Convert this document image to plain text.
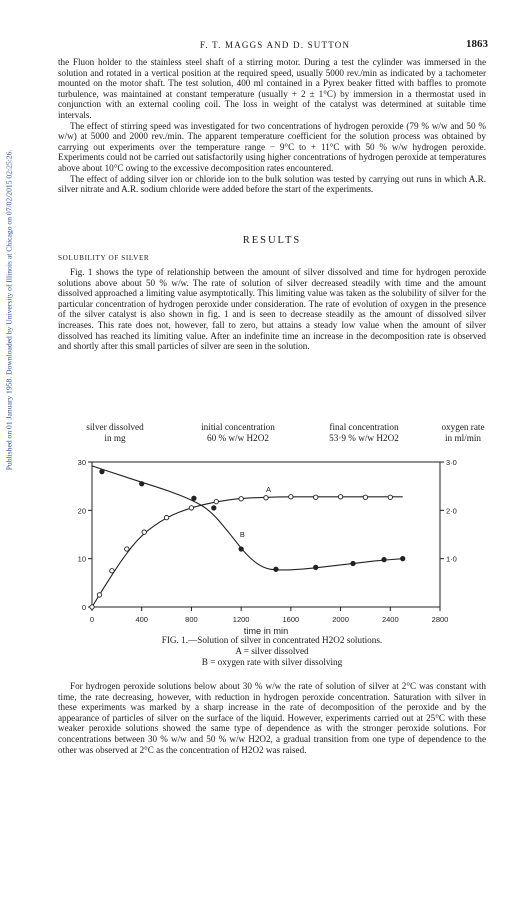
Published on 01 January 1958. Downloaded by University of Illinois at Chicago on 07/02/2015 02:25:26.
F. T. MAGGS AND D. SUTTON	1863

the Fluon holder to the stainless steel shaft of a stirring motor. During a test the cylinder was immersed in the solution and rotated in a vertical position at the required speed, usually 5000 rev./min as indicated by a tachometer mounted on the motor shaft. The test solution, 400 ml contained in a Pyrex beaker fitted with baffles to promote turbulence, was maintained at constant temperature (usually + 2 ± 1°C) by immersion in a thermostat used in conjunction with an external cooling coil. The loss in weight of the catalyst was determined at suitable time intervals.

The effect of stirring speed was investigated for two concentrations of hydrogen peroxide (79 % w/w and 50 % w/w) at 5000 and 2000 rev./min. The apparent temperature coefficient for the solution process was obtained by carrying out experiments over the temperature range − 9°C to + 11°C with 50 % w/w hydrogen peroxide. Experiments could not be carried out satisfactorily using higher concentrations of hydrogen peroxide at temperatures above about 10°C owing to the excessive decomposition rates encountered.

The effect of adding silver ion or chloride ion to the bulk solution was tested by carrying out runs in which A.R. silver nitrate and A.R. sodium chloride were added before the start of the experiments.

RESULTS
SOLUBILITY OF SILVER

Fig. 1 shows the type of relationship between the amount of silver dissolved and time for hydrogen peroxide solutions above about 50 % w/w. The rate of solution of silver decreased steadily with time and the amount dissolved approached a limiting value asymptotically. This limiting value was taken as the solubility of silver for the particular concentration of hydrogen peroxide under consideration. The rate of evolution of oxygen in the presence of the silver catalyst is also shown in fig. 1 and is seen to decrease steadily as the amount of dissolved silver increases. This rate does not, however, fall to zero, but attains a steady low value when the amount of silver dissolved has reached its limiting value. After an indefinite time an increase in the decomposition rate is observed and shortly after this small particles of silver are seen in the solution.

silver dissolved
in mg
initial concentration
60 % w/w H2O2
final concentration
53·9 % w/w H2O2
oxygen rate
in ml/min
0	400	800	1200	1600	2000	2400	2800
0
10
20
30
1·0
2·0
3·0
time in min
A
B
FIG. 1.—Solution of silver in concentrated H2O2 solutions.
A = silver dissolved
B = oxygen rate with silver dissolving

For hydrogen peroxide solutions below about 30 % w/w the rate of solution of silver at 2°C was constant with time, the rate decreasing, however, with reduction in hydrogen peroxide concentration. Saturation with silver in these experiments was marked by a sharp increase in the rate of decomposition of the peroxide and by the appearance of particles of silver on the surface of the liquid. However, experiments carried out at 25°C with these weaker peroxide solutions showed the same type of dependence as with the stronger peroxide solutions. For concentrations between 30 % w/w and 50 % w/w H2O2, a gradual transition from one type of dependence to the other was observed at 2°C as the concentration of H2O2 was raised.
